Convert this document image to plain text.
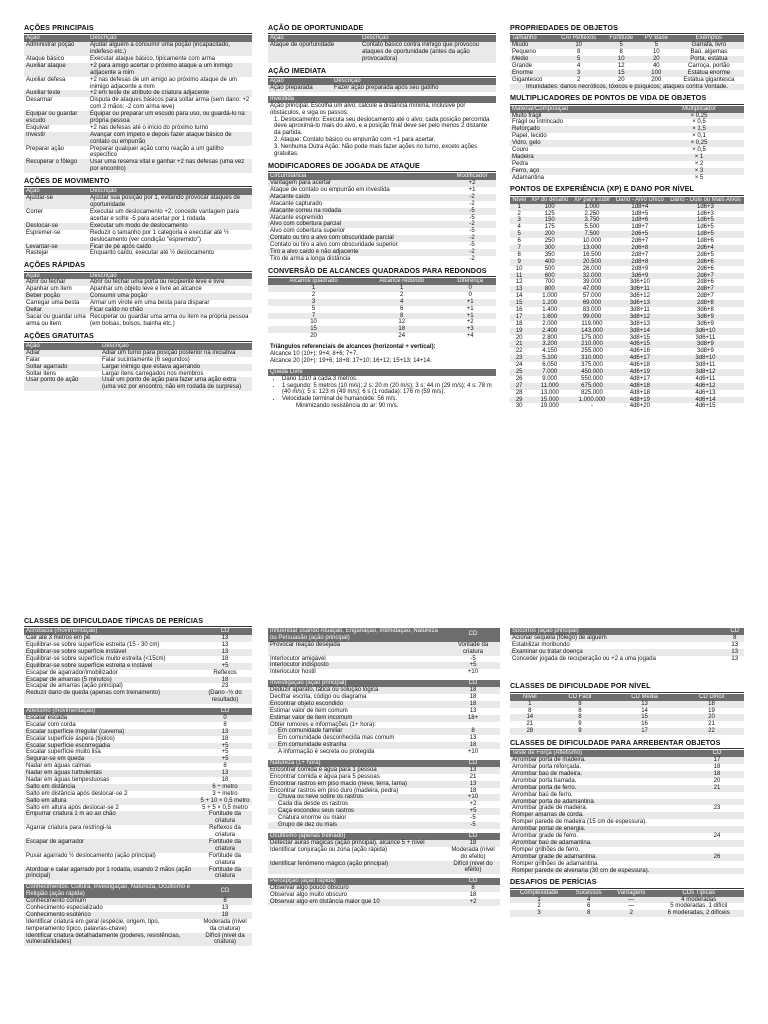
AÇÕES PRINCIPAIS
Ação	Descrição
Administrar poção	Ajudar alguém a consumir uma poção (incapacitado, indefeso etc.)
Ataque básico	Executar ataque básico, tipicamente com arma
Auxiliar ataque	+2 para amigo acertar o próximo ataque a um inimigo adjacente a mim
Auxiliar defesa	+2 nas defesas de um amigo ao próximo ataque de um inimigo adjacente a mim
Auxiliar teste	+2 em teste de atributo de criatura adjacente
Desarmar	Disputa de ataques básicos para soltar arma (sem dano; +2 com 2 mãos; -2 com arma leve)
Equipar ou guardar escudo	Equipar ou preparar um escudo para uso, ou guardá-lo na própria pessoa
Esquivar	+2 nas defesas até o início do próximo turno
Investir	Avançar com ímpeto e depois fazer ataque básico de contato ou empurrão
Preparar ação	Preparar qualquer ação como reação a um gatilho específico
Recuperar o fôlego	Usar uma reserva vital e ganhar +2 nas defesas (uma vez por encontro)
AÇÕES DE MOVIMENTO
Ação	Descrição
Ajustar-se	Ajustar sua posição por 1, evitando provocar ataques de oportunidade
Correr	Executar um deslocamento +2; concede vantagem para acertar e sofre -5 para acertar por 1 rodada
Deslocar-se	Executar um modo de deslocamento
Espremer-se	Reduzir o tamanho por 1 categoria e executar até ½ deslocamento (ver condição "espremido")
Levantar-se	Ficar de pé após caído
Rastejar	Enquanto caído, executar até ½ deslocamento
AÇÕES RÁPIDAS
Ação	Descrição
Abrir ou fechar	Abrir ou fechar uma porta ou recipiente leve e livre
Apanhar um item	Apanhar um objeto leve e livre ao alcance
Beber poção	Consumir uma poção
Carregar uma besta	Armar um virote em uma besta para disparar
Deitar	Ficar caído no chão
Sacar ou guardar uma arma ou item	Recuperar ou guardar uma arma ou item na própria pessoa (em bolsas, bolsos, bainha etc.)
AÇÕES GRATUITAS
Ação	Descrição
Adiar	Adiar um turno para posição posterior na iniciativa
Falar	Falar sucintamente (6 segundos)
Soltar agarrado	Largar inimigo que estava agarrando
Soltar itens	Largar itens carregados nos membros
Usar ponto de ação	Usar um ponto de ação para fazer uma ação extra (uma vez por encontro, não em rodada de surpresa)
AÇÃO DE OPORTUNIDADE
Ação	Descrição
Ataque de oportunidade	Contato básico contra inimigo que provocou ataques de oportunidade (antes da ação provocadora)
AÇÃO IMEDIATA
Ação	Descrição
Ação preparada	Fazer ação preparada após seu gatilho
Investida
Ação principal. Escolha um alvo; calcule a distância mínima, inclusive por obstáculos, e siga os passos:
1. Deslocamento: Executa seu deslocamento até o alvo; cada posição percorrida deve aproximá-lo mais do alvo, e a posição final deve ser pelo menos 2 distante da partida.
2. Ataque: Contato básico ou empurrão com +1 para acertar.
3. Nenhuma Outra Ação: Não pode mais fazer ações no turno, exceto ações gratuitas.
MODIFICADORES DE JOGADA DE ATAQUE
Circunstância	Modificador
Vantagem para acertar	+2
Ataque de contato ou empurrão em investida	+1
Atacante caído	-2
Atacante capturado	-2
Atacante correu na rodada	-5
Atacante espremido	-5
Alvo com cobertura parcial	-2
Alvo com cobertura superior	-5
Contato ou tiro a alvo com obscuridade parcial	-2
Contato ou tiro a alvo com obscuridade superior	-5
Tiro a alvo caído e não adjacente	-2
Tiro de arma a longa distância	-2
CONVERSÃO DE ALCANCES QUADRADOS PARA REDONDOS
Alcance quadrado	Alcance redondo	Diferença
1	1	0
2	2	0
3	4	+1
5	6	+1
7	8	+1
10	12	+2
15	18	+3
20	24	+4
Triângulos referenciais de alcances (horizontal + vertical):
Alcance 10 (10+): 9+4; 8+6; 7+7.
Alcance 20 (20+): 19+6; 18+8; 17+10; 16+12; 15+13; 14+14.
Queda Livre
• Dano 1d10 a cada 3 metros.
• 1 segundo: 5 metros (10 m/s); 2 s: 20 m (20 m/s); 3 s: 44 m (29 m/s); 4 s: 78 m (40 m/s); 5 s: 123 m (49 m/s); 6 s (1 rodada): 176 m (59 m/s).
• Velocidade terminal de humanoide: 56 m/s.
Minimizando resistência do ar: 90 m/s.
PROPRIEDADES DE OBJETOS
Tamanho	CA/ Reflexos	Fortitude	PV Base	Exemplos
Miúdo	10	5	5	Garrafa, livro
Pequeno	8	8	10	Baú, algemas
Médio	5	10	20	Porta, estátua
Grande	4	12	40	Carroça, portão
Enorme	3	15	100	Estátua enorme
Gigantesco	2	20	200	Estátua gigantesca
Imunidades: danos necróticos, tóxicos e psíquicos; ataques contra Vontade.				
MULTIPLICADORES DE PONTOS DE VIDA DE OBJETOS
Material/Composição	Multiplicador
Muito frágil	× 0,25
Frágil ou intrincado	× 0,5
Reforçado	× 1,5
Papel, tecido	× 0,1
Vidro, gelo	× 0,25
Couro	× 0,5
Madeira	× 1
Pedra	× 2
Ferro, aço	× 3
Adamantina	× 5
PONTOS DE EXPERIÊNCIA (XP) E DANO POR NÍVEL
Nível	XP do desafio	XP para subir	Dano - Alvo Único	Dano - Dois ou Mais Alvos
1	100	1.000	1d8+4	1d6+3
2	125	2.250	1d8+5	1d6+3
3	150	3.750	1d8+6	1d6+5
4	175	5.500	1d8+7	1d6+5
5	200	7.500	2d6+5	1d8+5
6	250	10.000	2d6+7	1d8+6
7	300	13.000	2d6+8	2d6+4
8	350	16.500	2d8+7	2d6+5
9	400	20.500	2d8+8	2d6+6
10	500	26.000	2d8+9	2d6+6
11	600	32.000	3d6+9	2d6+7
12	700	39.000	3d6+10	2d8+6
13	800	47.000	3d6+11	2d8+7
14	1.000	57.000	3d6+12	2d8+7
15	1.200	69.000	3d6+13	2d8+8
16	1.400	83.000	3d8+11	3d6+8
17	1.600	99.000	3d8+12	3d6+9
18	2.000	119.000	3d8+13	3d6+9
19	2.400	143.000	3d8+14	3d6+10
20	2.800	175.000	3d8+15	3d6+11
21	3.200	210.000	4d6+15	3d8+9
22	4.150	255.000	4d6+16	3d8+9
23	5.100	310.000	4d6+17	3d8+10
24	6.050	375.000	4d6+18	3d8+11
25	7.000	450.000	4d6+19	3d8+12
26	9.000	550.000	4d8+17	4d6+11
27	11.000	675.000	4d8+18	4d6+12
28	13.000	825.000	4d8+18	4d6+13
29	15.000	1.000.000	4d8+19	4d6+14
30	19.000	-	4d8+20	4d6+15
CLASSES DE DIFICULDADE TÍPICAS DE PERÍCIAS
Acrobacia (movimentação)	CD
Cair até 3 metros em pé	13
Equilibrar-se sobre superfície estreita (15 - 30 cm)	13
Equilibrar-se sobre superfície instável	13
Equilibrar-se sobre superfície muito estreita (<15cm)	18
Equilibrar-se sobre superfície estreita e instável	+5
Escapar de agarrador/imobilizador	Reflexos
Escapar de amarras (5 minutos)	18
Escapar de amarras (ação principal)	23
Reduzir dano de queda (apenas com treinamento)	(Dano -½ do resultado)
Atletismo (movimentação)	CD
Escalar escada	0
Escalar com corda	8
Escalar superfície irregular (caverna)	13
Escalar superfície áspera (tijolos)	18
Escalar superfície escorregadia	+5
Escalar superfície muito lisa	+5
Segurar-se em queda	+5
Nadar em águas calmas	8
Nadar em águas turbulentas	13
Nadar em águas tempestuosas	18
Salto em distância	6 ÷ metro
Salto em distância após deslocar-se 2	3 ÷ metro
Salto em altura	5 + 10 × 0,5 metro
Salto em altura após deslocar-se 2	5 + 5 × 0,5 metro
Empurrar criatura 1 m ao ao chão	Fortitude da criatura
Agarrar criatura para restringi-la	Reflexos da criatura
Escapar de agarrador	Fortitude da criatura
Puxar agarrado ½ deslocamento (ação principal)	Fortitude da criatura
Atordoar e calar agarrado por 1 rodada, usando 2 mãos (ação principal)	Fortitude da criatura
Conhecimentos: Cultura, Investigação, Natureza, Ocultismo e Religião (ação rápida)	CD
Conhecimento comum	8
Conhecimento especializado	13
Conhecimento esotérico	18
Identificar criatura em geral (espécie, origem, tipo, temperamento típico, palavras-chave)	Moderada (nível da criatura)
Identificar criatura detalhadamente (poderes, resistências, vulnerabilidades)	Difícil (nível da criatura)
Influenciar usando Atuação, Enganação, Intimidação, Natureza ou Persuasão (ação principal)	CD
Provocar reação desejada	Vontade da criatura
Interlocutor amigável	-5
Interlocutor indisposto	+5
Interlocutor hostil	+10
Investigação (ação principal)	CD
Deduzir aparato, tática ou solução lógica	18
Decifrar escrita, código ou diagrama	18
Encontrar objeto escondido	18
Estimar valor de item comum	13
Estimar valor de item incomum	18+
Obter rumores e informações (1+ hora):	
Em comunidade familiar	8
Em comunidade desconhecida mas comum	13
Em comunidade estranha	18
A informação é secreta ou protegida	+10
Natureza (1+ hora)	CD
Encontrar comida e água para 1 pessoa	13
Encontrar comida e água para 5 pessoas	21
Encontrar rastros em piso macio (neve, terra, lama)	13
Encontrar rastros em piso duro (madeira, pedra)	18
Chuva ou neve sobre os rastros	+10
Cada dia desde os rastros	+2
Caça escondeu seus rastros	+5
Criatura enorme ou maior	-5
Grupo de dez ou mais	-5
Ocultismo (apenas treinado)	CD
Detectar auras mágicas (ação principal), alcance 5 + nível	18
Identificar conjuração ou zona (ação rápida)	Moderada (nível do efeito)
Identificar fenômeno mágico (ação principal)	Difícil (nível do efeito)
Percepção (ação rápida)	CD
Observar algo pouco obscuro	8
Observar algo muito obscuro	18
Observar algo em distância maior que 10	+2
Socorros (ação principal)	CD
Acionar sequela (fôlego) de alguém	8
Estabilizar moribundo	13
Examinar ou tratar doença	13
Conceder jogada de recuperação ou +2 a uma jogada	13
CLASSES DE DIFICULDADE POR NÍVEL
Nível	CD Fácil	CD Média	CD Difícil
1	8	13	18
8	8	14	19
14	8	15	20
21	9	16	21
28	9	17	22
CLASSES DE DIFICULDADE PARA ARREBENTAR OBJETOS
Teste de Força (Atletismo)	CD
Arrombar porta de madeira.	17
Arrombar porta reforçada.	18
Arrombar baú de madeira.	18
Arrombar porta barrada.	20
Arrombar porta de ferro.	21
Arrombar baú de ferro.	
Arrombar porta de adamantina.	
Arrombar grade de madeira.	23
Romper amarras de corda.	
Romper parede de madeira (15 cm de espessura).	
Arrombar portal de energia.	
Arrombar grade de ferro.	24
Arrombar baú de adamantina.	
Romper grilhões de ferro.	
Arrombar grade de adamantina.	26
Romper grilhões de adamantina.	
Romper parede de alvenaria (30 cm de espessura).	
DESAFIOS DE PERÍCIAS
Complexidade	Sucessos	Vantagens	CDs Típicas
1	4	—	4 moderadas
2	6	—	5 moderadas, 1 difícil
3	8	2	6 moderadas, 2 difíceis
